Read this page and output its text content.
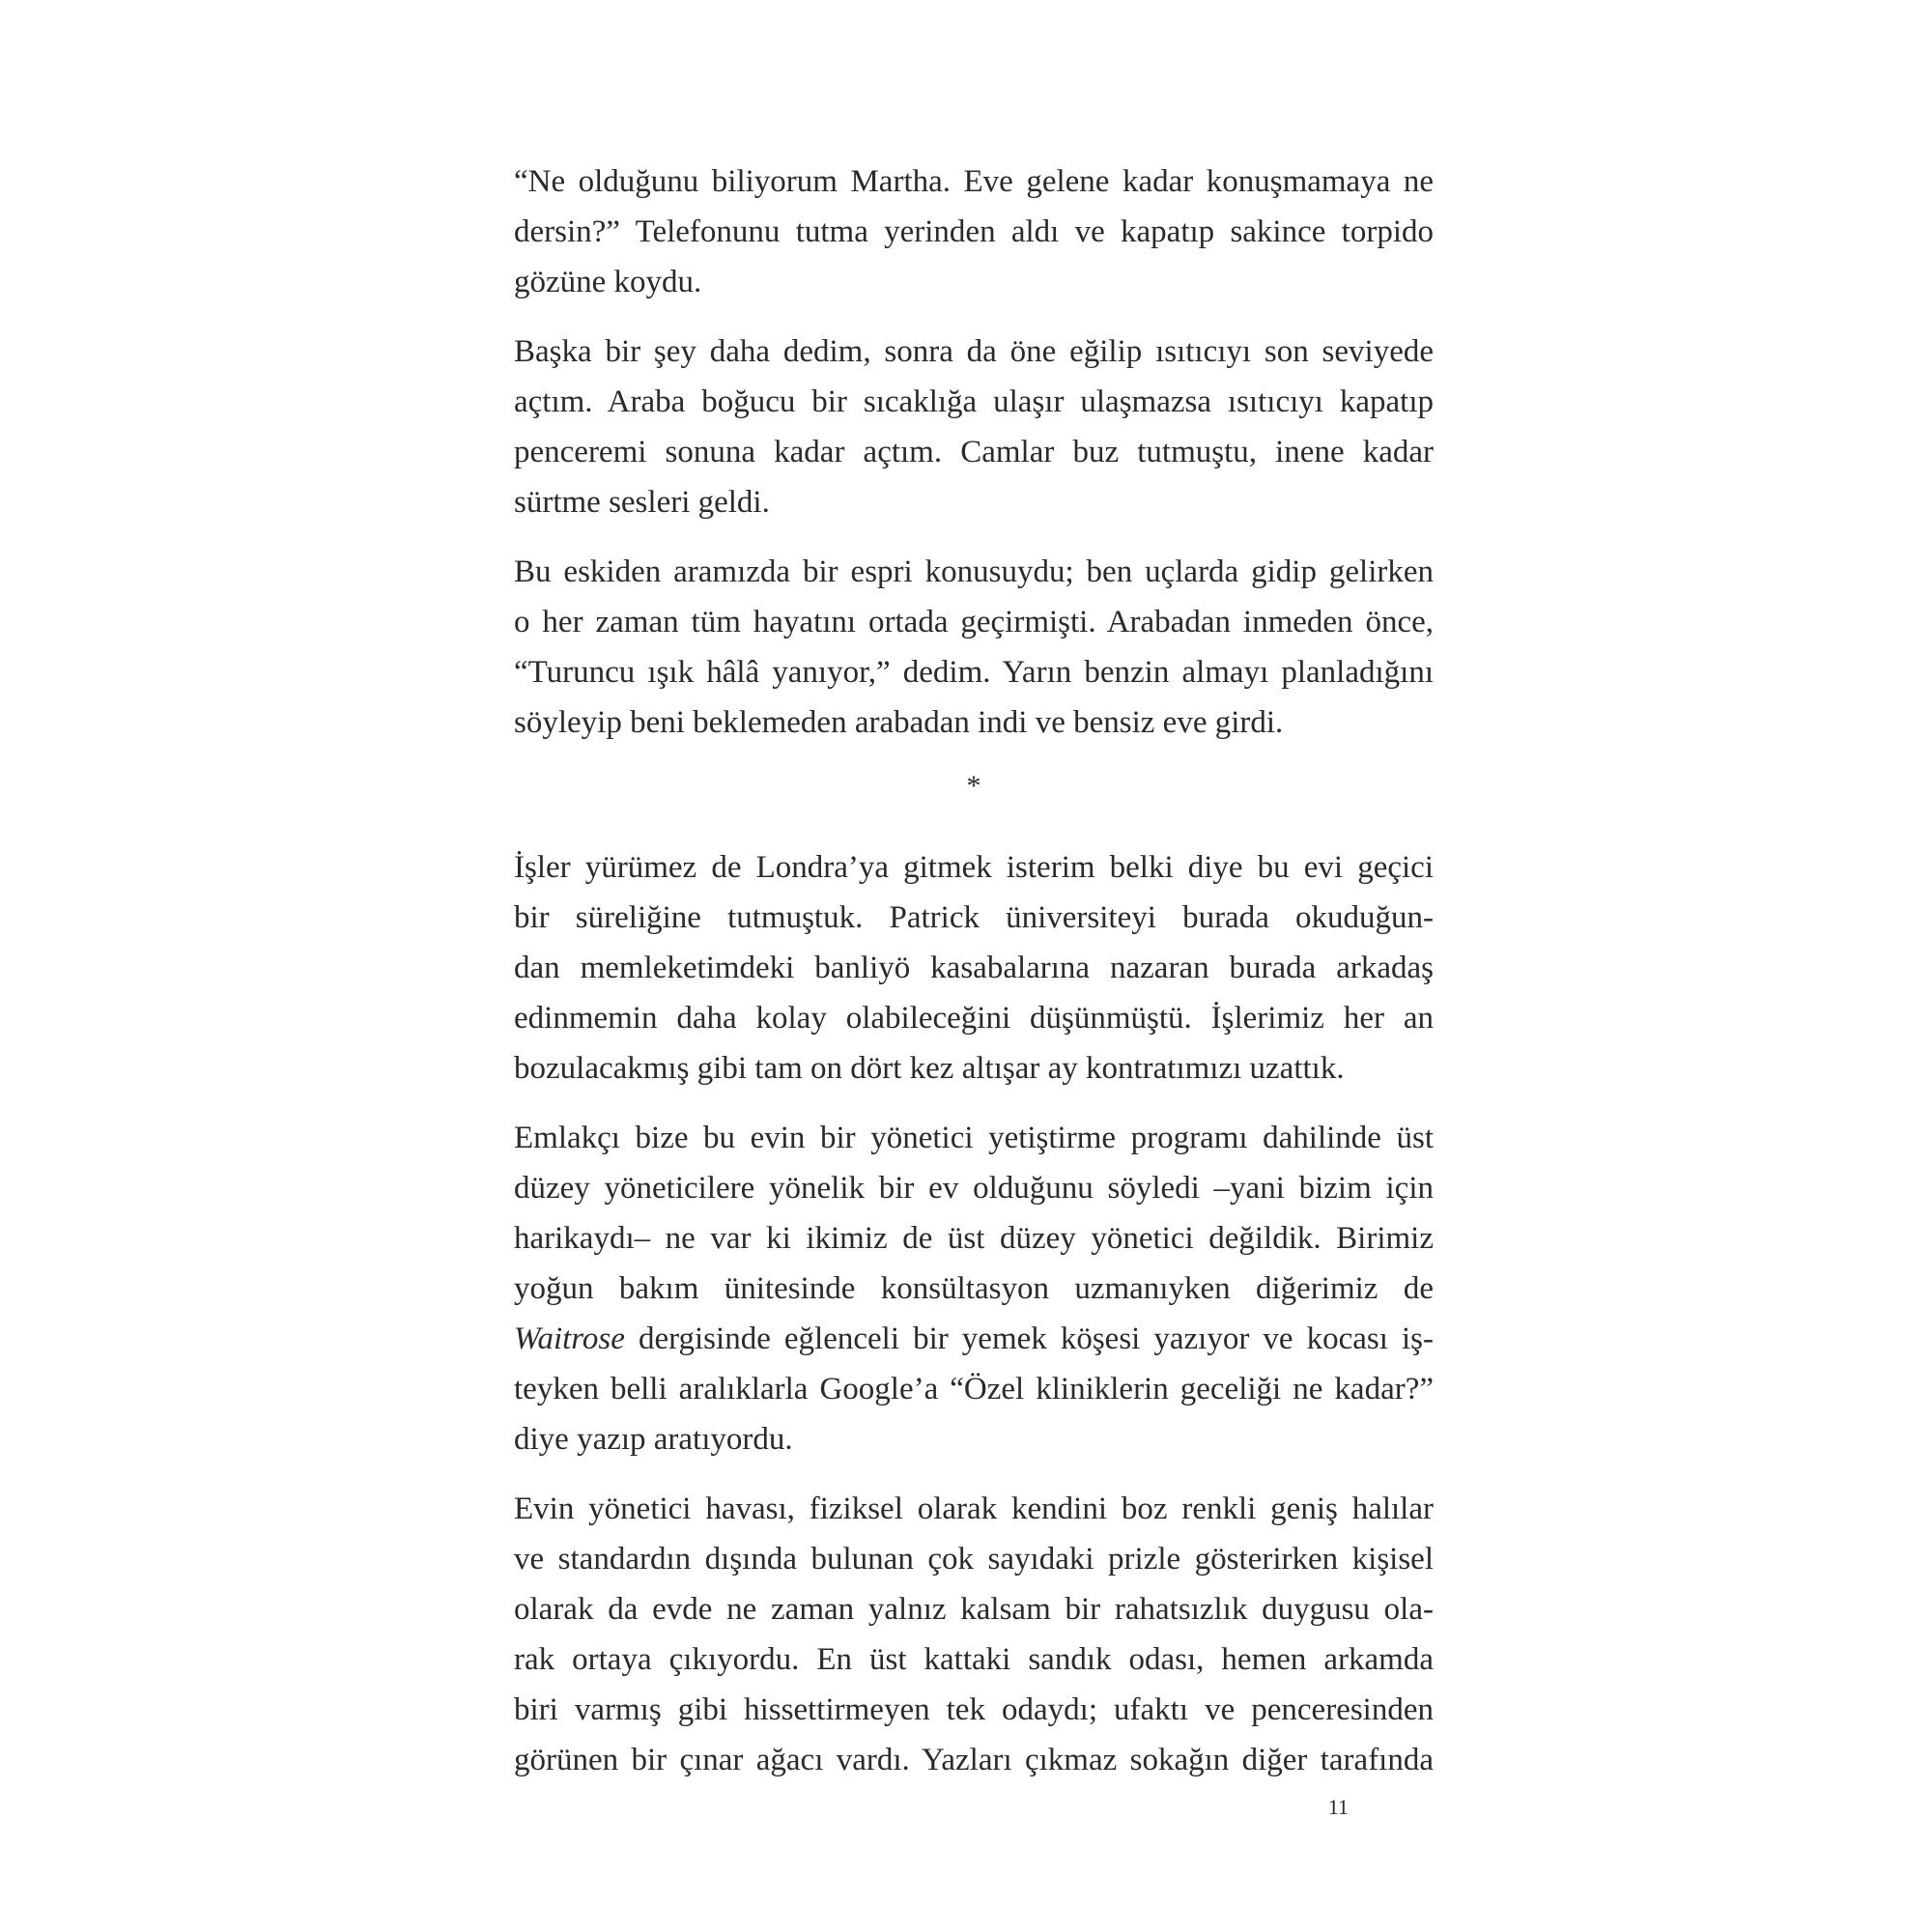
“Ne olduğunu biliyorum Martha. Eve gelene kadar konuşmamaya ne
dersin?” Telefonunu tutma yerinden aldı ve kapatıp sakince torpido
gözüne koydu.

Başka bir şey daha dedim, sonra da öne eğilip ısıtıcıyı son seviyede
açtım. Araba boğucu bir sıcaklığa ulaşır ulaşmazsa ısıtıcıyı kapatıp
penceremi sonuna kadar açtım. Camlar buz tutmuştu, inene kadar
sürtme sesleri geldi.

Bu eskiden aramızda bir espri konusuydu; ben uçlarda gidip gelirken
o her zaman tüm hayatını ortada geçirmişti. Arabadan inmeden önce,
“Turuncu ışık hâlâ yanıyor,” dedim. Yarın benzin almayı planladığını
söyleyip beni beklemeden arabadan indi ve bensiz eve girdi.

*

İşler yürümez de Londra’ya gitmek isterim belki diye bu evi geçici
bir süreliğine tutmuştuk. Patrick üniversiteyi burada okuduğun-
dan memleketimdeki banliyö kasabalarına nazaran burada arkadaş
edinmemin daha kolay olabileceğini düşünmüştü. İşlerimiz her an
bozulacakmış gibi tam on dört kez altışar ay kontratımızı uzattık.

Emlakçı bize bu evin bir yönetici yetiştirme programı dahilinde üst
düzey yöneticilere yönelik bir ev olduğunu söyledi –yani bizim için
harikaydı– ne var ki ikimiz de üst düzey yönetici değildik. Birimiz
yoğun bakım ünitesinde konsültasyon uzmanıyken diğerimiz de
Waitrose dergisinde eğlenceli bir yemek köşesi yazıyor ve kocası iş-
teyken belli aralıklarla Google’a “Özel kliniklerin geceliği ne kadar?”
diye yazıp aratıyordu.

Evin yönetici havası, fiziksel olarak kendini boz renkli geniş halılar
ve standardın dışında bulunan çok sayıdaki prizle gösterirken kişisel
olarak da evde ne zaman yalnız kalsam bir rahatsızlık duygusu ola-
rak ortaya çıkıyordu. En üst kattaki sandık odası, hemen arkamda
biri varmış gibi hissettirmeyen tek odaydı; ufaktı ve penceresinden
görünen bir çınar ağacı vardı. Yazları çıkmaz sokağın diğer tarafında

11
